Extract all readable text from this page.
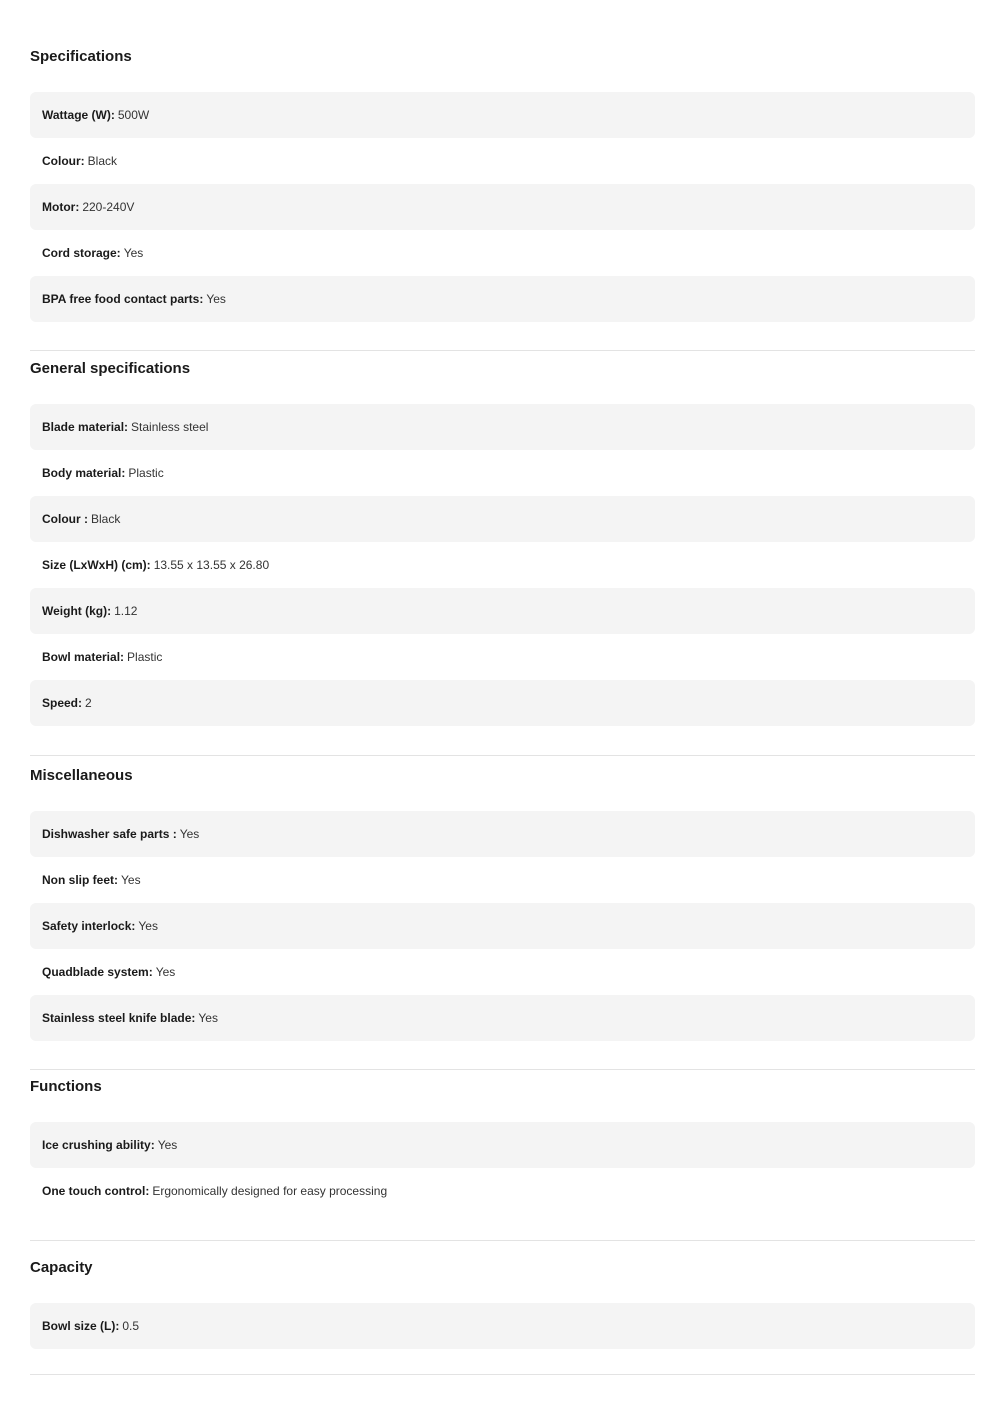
Specifications
Wattage (W): 500W
Colour: Black
Motor: 220-240V
Cord storage: Yes
BPA free food contact parts: Yes
General specifications
Blade material: Stainless steel
Body material: Plastic
Colour : Black
Size (LxWxH) (cm): 13.55 x 13.55 x 26.80
Weight (kg): 1.12
Bowl material: Plastic
Speed: 2
Miscellaneous
Dishwasher safe parts : Yes
Non slip feet: Yes
Safety interlock: Yes
Quadblade system: Yes
Stainless steel knife blade: Yes
Functions
Ice crushing ability: Yes
One touch control: Ergonomically designed for easy processing
Capacity
Bowl size (L): 0.5
